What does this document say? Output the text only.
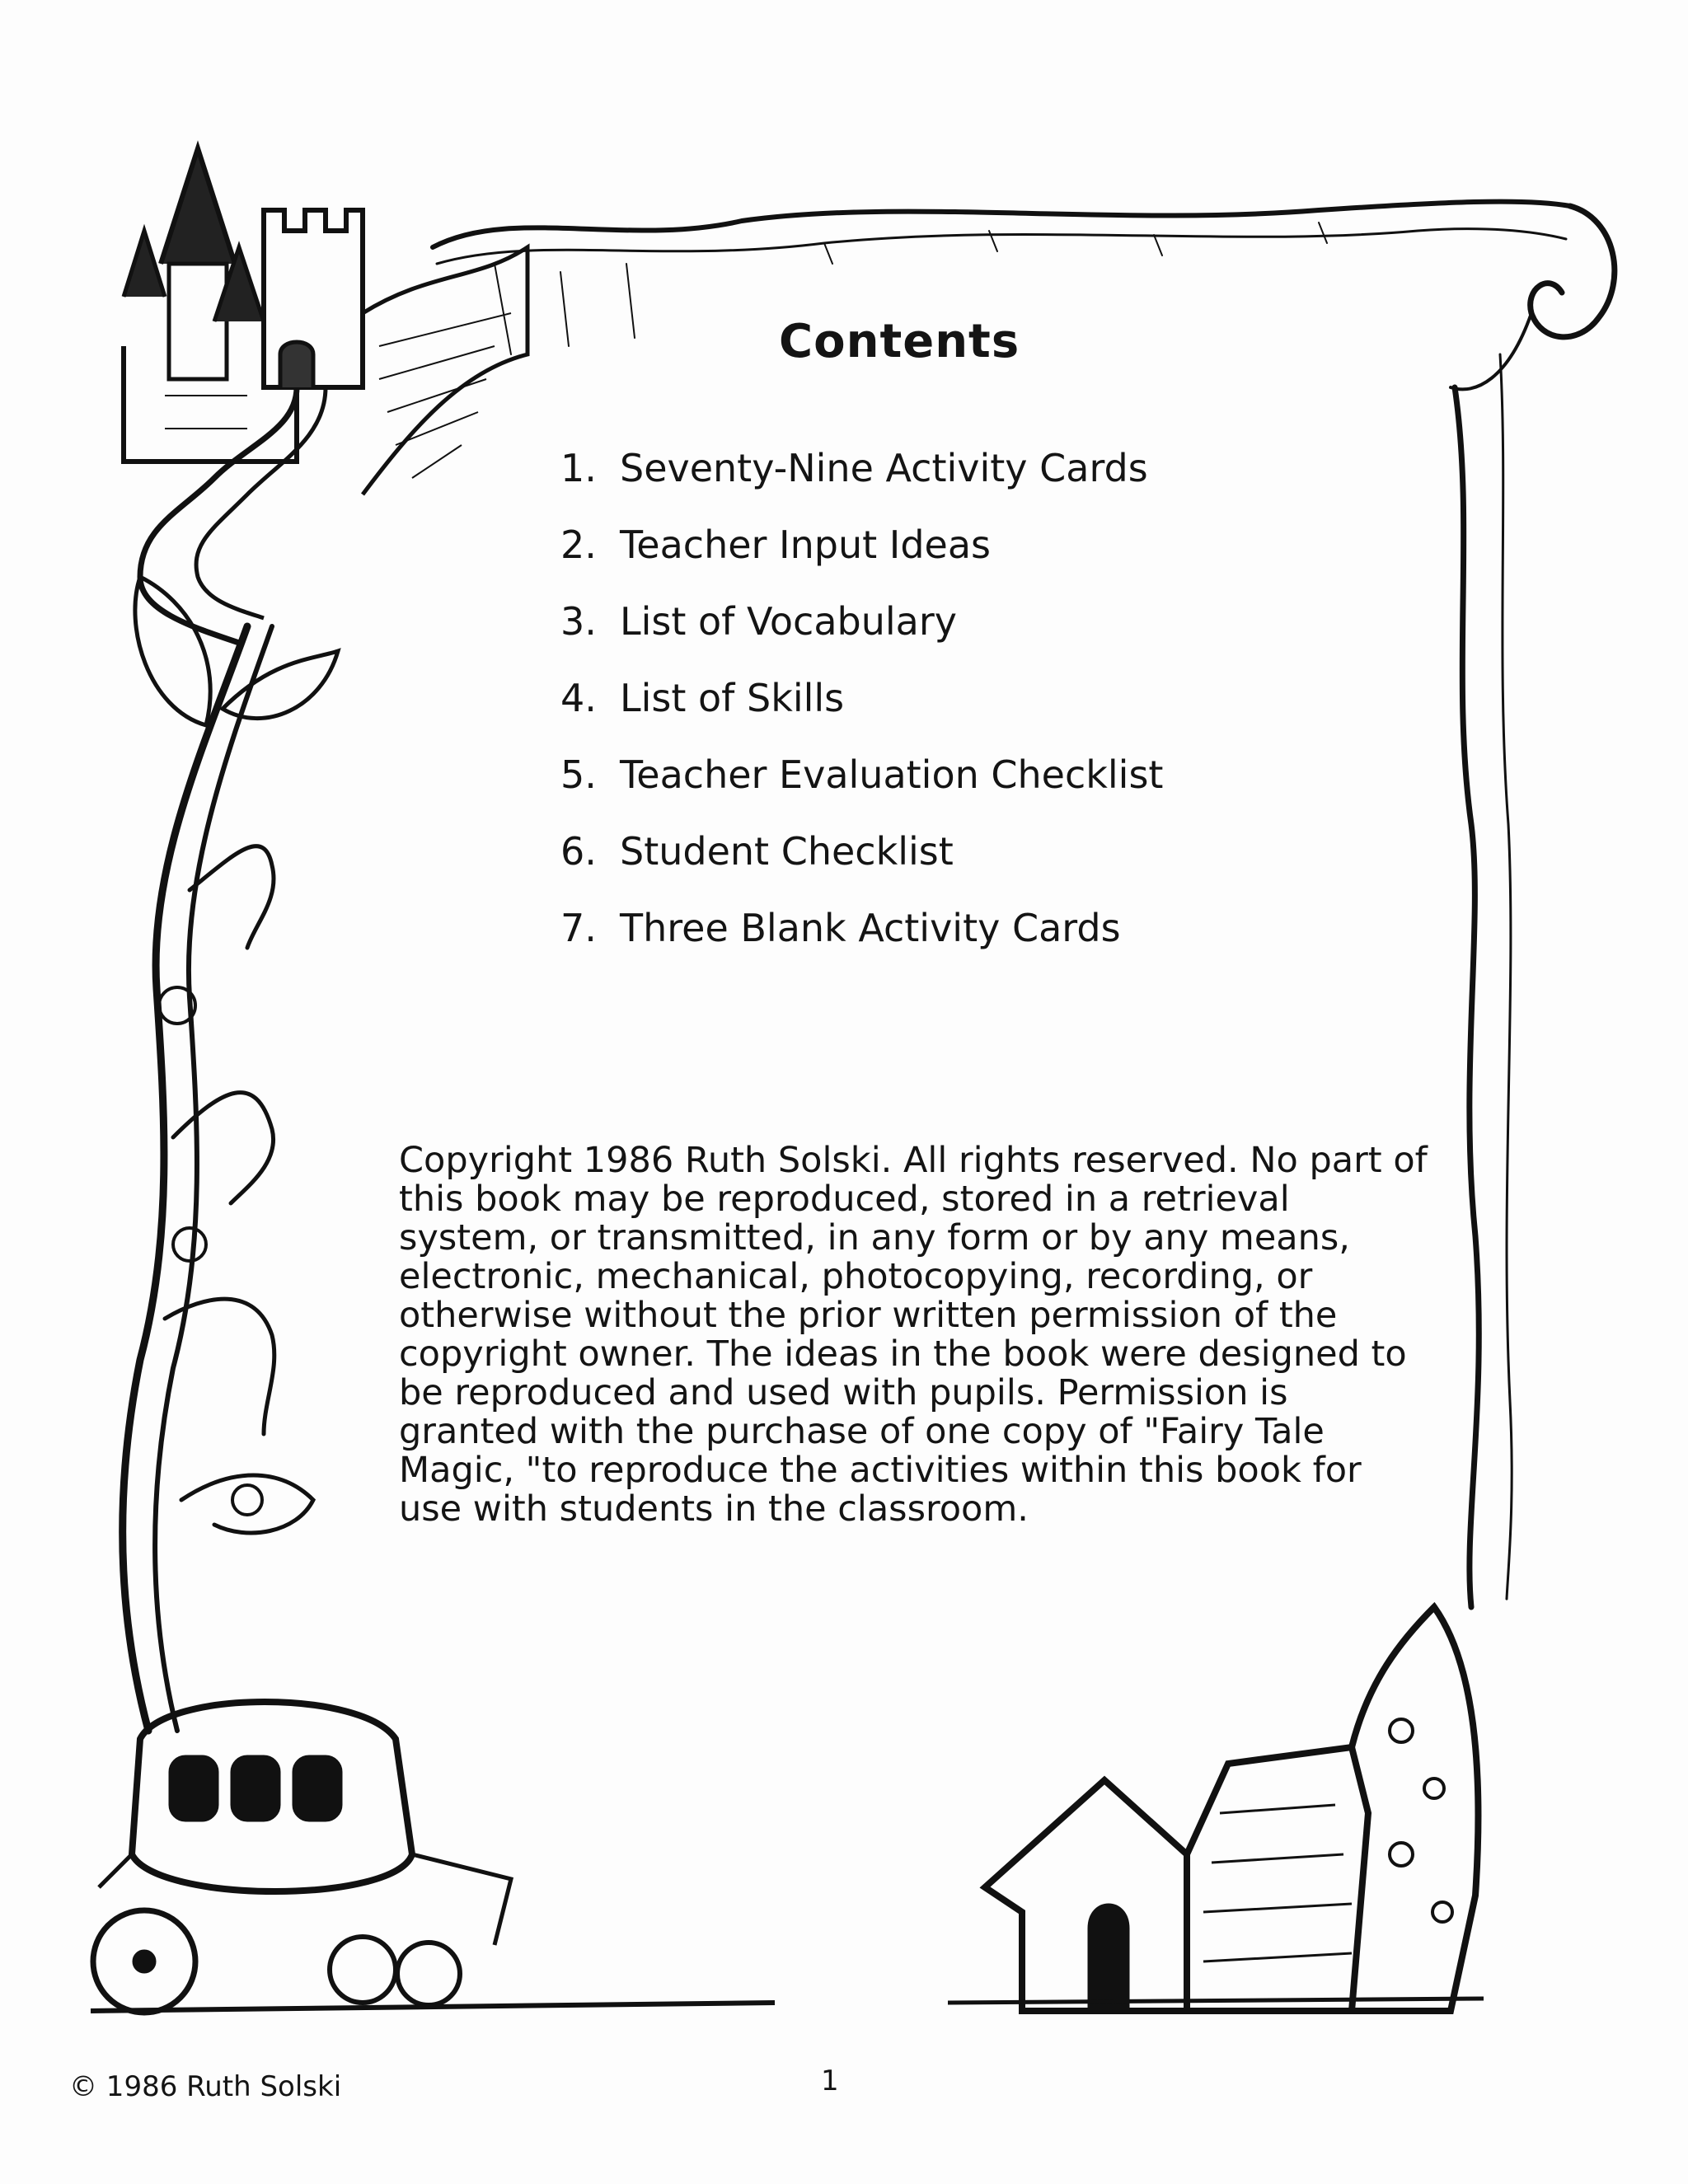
Contents
1. Seventy-Nine Activity Cards
2. Teacher Input Ideas
3. List of Vocabulary
4. List of Skills
5. Teacher Evaluation Checklist
6. Student Checklist
7. Three Blank Activity Cards

Copyright 1986 Ruth Solski. All rights reserved. No part of this book may be reproduced, stored in a retrieval system, or transmitted, in any form or by any means, electronic, mechanical, photocopying, recording, or otherwise without the prior written permission of the copyright owner. The ideas in the book were designed to be reproduced and used with pupils. Permission is granted with the purchase of one copy of "Fairy Tale Magic, "to reproduce the activities within this book for use with students in the classroom.

© 1986 Ruth Solski	1
